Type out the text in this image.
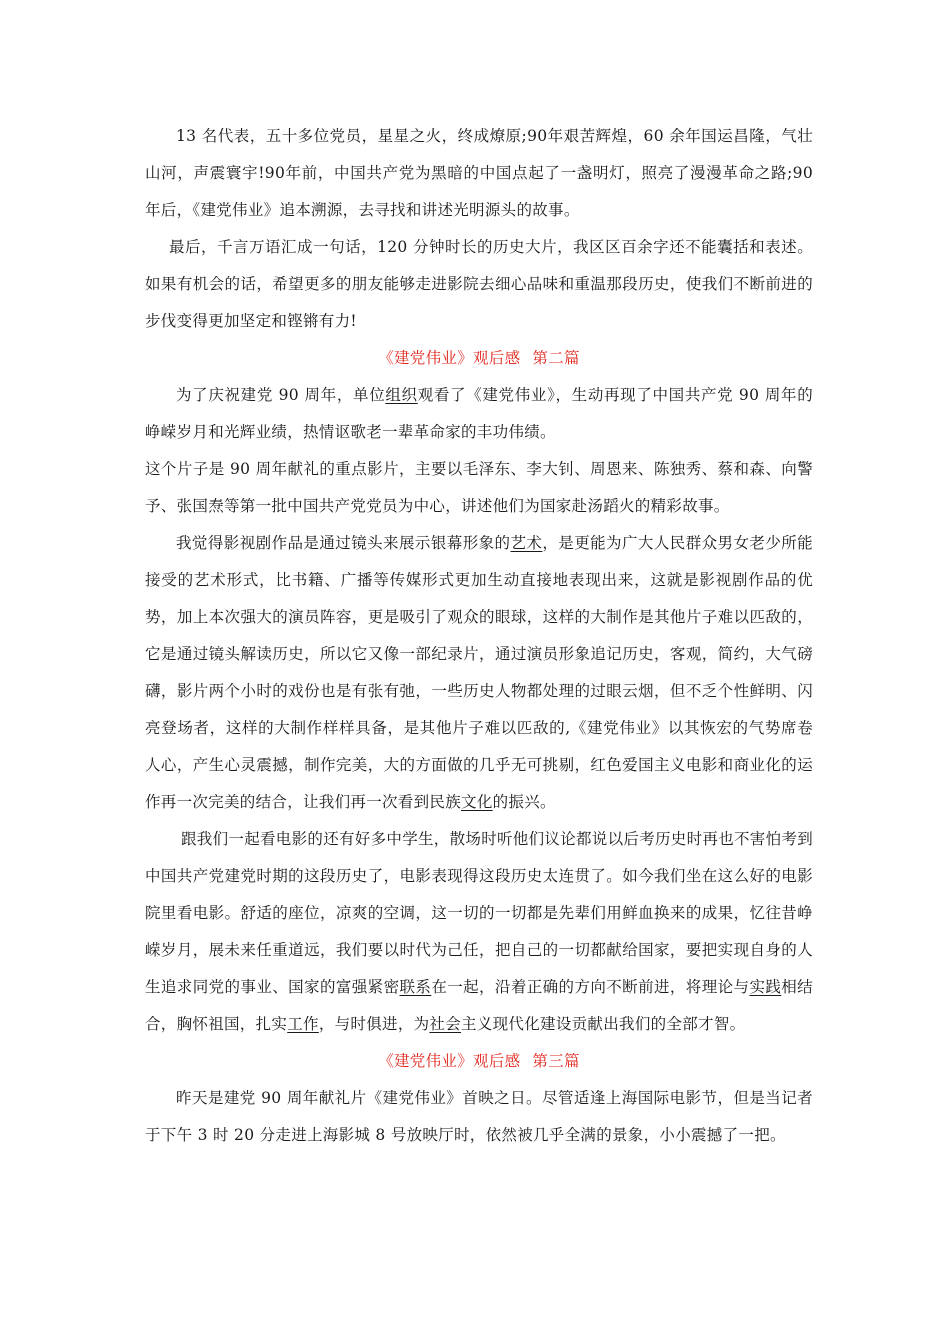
13 名代表，五十多位党员，星星之火，终成燎原;90年艰苦辉煌，60 余年国运昌隆，气壮山河，声震寰宇!90年前，中国共产党为黑暗的中国点起了一盏明灯，照亮了漫漫革命之路;90年后，《建党伟业》追本溯源，去寻找和讲述光明源头的故事。

最后，千言万语汇成一句话，120 分钟时长的历史大片，我区区百余字还不能囊括和表述。如果有机会的话，希望更多的朋友能够走进影院去细心品味和重温那段历史，使我们不断前进的步伐变得更加坚定和铿锵有力!

《建党伟业》观后感 第二篇

为了庆祝建党 90 周年，单位组织观看了《建党伟业》，生动再现了中国共产党 90 周年的峥嵘岁月和光辉业绩，热情讴歌老一辈革命家的丰功伟绩。

这个片子是 90 周年献礼的重点影片，主要以毛泽东、李大钊、周恩来、陈独秀、蔡和森、向警予、张国焘等第一批中国共产党党员为中心，讲述他们为国家赴汤蹈火的精彩故事。

我觉得影视剧作品是通过镜头来展示银幕形象的艺术，是更能为广大人民群众男女老少所能接受的艺术形式，比书籍、广播等传媒形式更加生动直接地表现出来，这就是影视剧作品的优势，加上本次强大的演员阵容，更是吸引了观众的眼球，这样的大制作是其他片子难以匹敌的，它是通过镜头解读历史，所以它又像一部纪录片，通过演员形象追记历史，客观，简约，大气磅礴，影片两个小时的戏份也是有张有弛，一些历史人物都处理的过眼云烟，但不乏个性鲜明、闪亮登场者，这样的大制作样样具备，是其他片子难以匹敌的,《建党伟业》以其恢宏的气势席卷人心，产生心灵震撼，制作完美，大的方面做的几乎无可挑剔，红色爱国主义电影和商业化的运作再一次完美的结合，让我们再一次看到民族文化的振兴。

跟我们一起看电影的还有好多中学生，散场时听他们议论都说以后考历史时再也不害怕考到中国共产党建党时期的这段历史了，电影表现得这段历史太连贯了。如今我们坐在这么好的电影院里看电影。舒适的座位，凉爽的空调，这一切的一切都是先辈们用鲜血换来的成果，忆往昔峥嵘岁月，展未来任重道远，我们要以时代为己任，把自己的一切都献给国家，要把实现自身的人生追求同党的事业、国家的富强紧密联系在一起，沿着正确的方向不断前进，将理论与实践相结合，胸怀祖国，扎实工作，与时俱进，为社会主义现代化建设贡献出我们的全部才智。

《建党伟业》观后感 第三篇

昨天是建党 90 周年献礼片《建党伟业》首映之日。尽管适逢上海国际电影节，但是当记者于下午 3 时 20 分走进上海影城 8 号放映厅时，依然被几乎全满的景象，小小震撼了一把。
